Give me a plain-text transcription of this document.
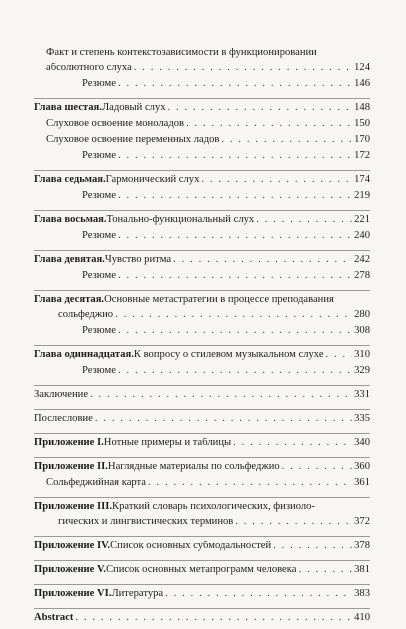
Факт и степень контекстозависимости в функционировании
абсолютного слуха . . .	124
Резюме . . .	146
Глава шестая. Ладовый слух . . .	148
Слуховое освоение моноладов . . .	150
Слуховое освоение переменных ладов . . .	170
Резюме . . .	172
Глава седьмая. Гармонический слух . . .	174
Резюме . . .	219
Глава восьмая. Тонально-функциональный слух . . .	221
Резюме . . .	240
Глава девятая. Чувство ритма . . .	242
Резюме . . .	278
Глава десятая. Основные метастратегии в процессе преподавания
сольфеджио . . .	280
Резюме . . .	308
Глава одиннадцатая. К вопросу о стилевом музыкальном слухе . . .	310
Резюме . . .	329
Заключение . . .	331
Послесловие . . .	335
Приложение I. Нотные примеры и таблицы . . .	340
Приложение II. Наглядные материалы по сольфеджио . . .	360
Сольфеджийная карта . . .	361
Приложение III. Краткий словарь психологических, физиоло-
гических и лингвистических терминов . . .	372
Приложение IV. Список основных субмодальностей . . .	378
Приложение V. Список основных метапрограмм человека . . .	381
Приложение VI. Литература . . .	383
Abstract . . .	410
